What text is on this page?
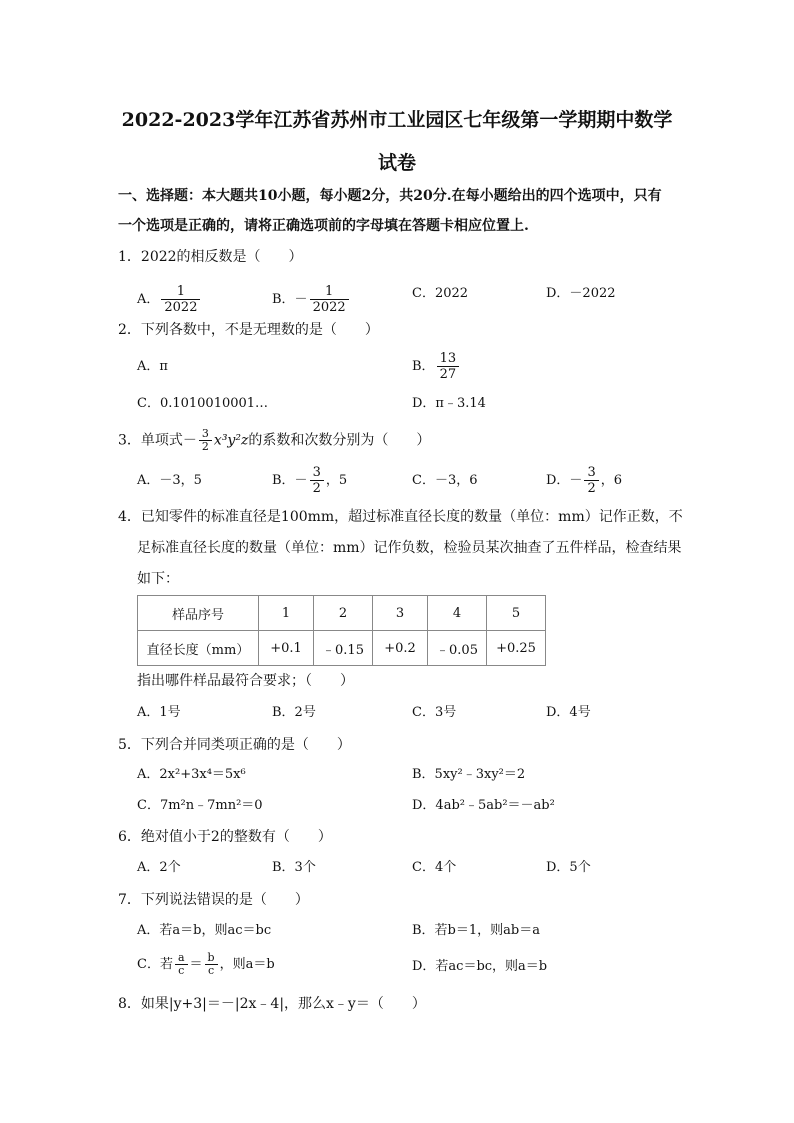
2022-2023学年江苏省苏州市工业园区七年级第一学期期中数学
试卷
一、选择题：本大题共10小题，每小题2分，共20分.在每小题给出的四个选项中，只有
一个选项是正确的，请将正确选项前的字母填在答题卡相应位置上.
1．2022的相反数是（　　）
A． $\frac{1}{2022}$	B．－ $\frac{1}{2022}$	C．2022	D．－2022
2．下列各数中，不是无理数的是（　　）
A．π	B． $\frac{13}{27}$
C．0.1010010001…	D．π﹣3.14
3．单项式－ $\frac{3}{2} x^3y^2z$的系数和次数分别为（　　）
A．－3，5	B．－ $\frac{3}{2}$ ，5	C．－3，6	D．－ $\frac{3}{2}$ ，6
4．已知零件的标准直径是100mm，超过标准直径长度的数量（单位：mm）记作正数，不
足标准直径长度的数量（单位：mm）记作负数，检验员某次抽查了五件样品，检查结果
如下：
样品序号	1	2	3	4	5
直径长度（mm）	+0.1	﹣0.15	+0.2	﹣0.05	+0.25
指出哪件样品最符合要求；（　　）
A．1号	B．2号	C．3号	D．4号
5．下列合并同类项正确的是（　　）
A．2x²+3x⁴＝5x⁶	B．5xy²﹣3xy²＝2
C．7m²n﹣7mn²＝0	D．4ab²﹣5ab²＝－ab²
6．绝对值小于2的整数有（　　）
A．2个	B．3个	C．4个	D．5个
7．下列说法错误的是（　　）
A．若a＝b，则ac＝bc	B．若b＝1，则ab＝a
C．若 $\frac{a}{c} = \frac{b}{c}$ ，则a＝b	D．若ac＝bc，则a＝b
8．如果|y+3|＝－|2x﹣4|，那么x﹣y＝（　　）
